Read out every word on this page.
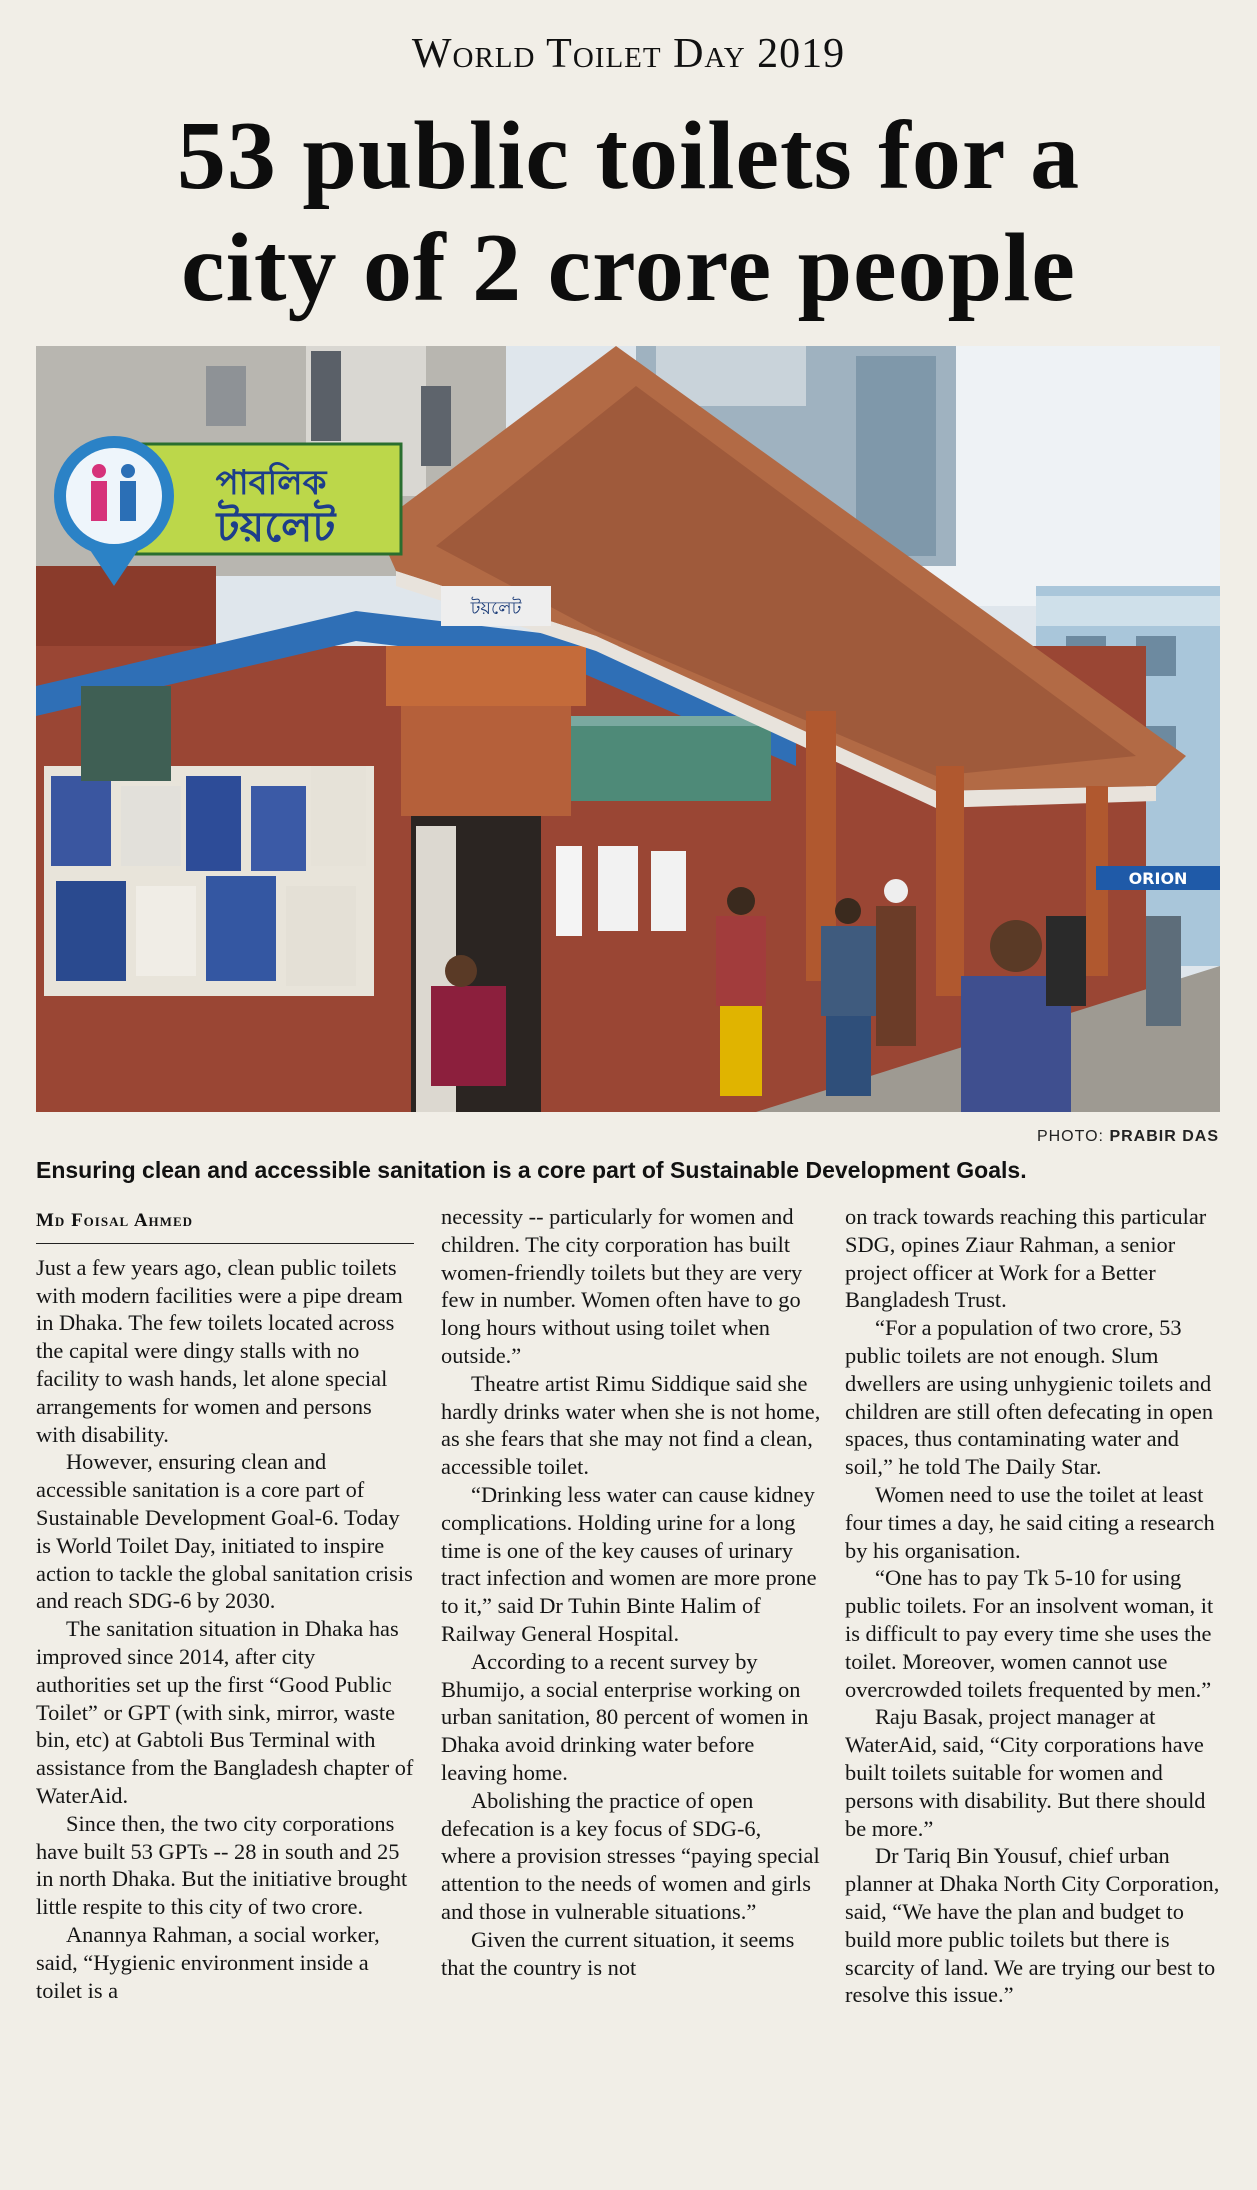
World Toilet Day 2019
53 public toilets for a
city of 2 crore people
টয়লেট
পাবলিক
টয়লেট
ORION
PHOTO: PRABIR DAS
Ensuring clean and accessible sanitation is a core part of Sustainable Development Goals.
Md Foisal Ahmed

Just a few years ago, clean public toilets with modern facilities were a pipe dream in Dhaka. The few toilets located across the capital were dingy stalls with no facility to wash hands, let alone special arrangements for women and persons with disability.

However, ensuring clean and accessible sanitation is a core part of Sustainable Development Goal-6. Today is World Toilet Day, initiated to inspire action to tackle the global sanitation crisis and reach SDG-6 by 2030.

The sanitation situation in Dhaka has improved since 2014, after city authorities set up the first “Good Public Toilet” or GPT (with sink, mirror, waste bin, etc) at Gabtoli Bus Terminal with assistance from the Bangladesh chapter of WaterAid.

Since then, the two city corporations have built 53 GPTs -- 28 in south and 25 in north Dhaka. But the initiative brought little respite to this city of two crore.

Anannya Rahman, a social worker, said, “Hygienic environment inside a toilet is a

necessity -- particularly for women and children. The city corporation has built women-friendly toilets but they are very few in number. Women often have to go long hours without using toilet when outside.”

Theatre artist Rimu Siddique said she hardly drinks water when she is not home, as she fears that she may not find a clean, accessible toilet.

“Drinking less water can cause kidney complications. Holding urine for a long time is one of the key causes of urinary tract infection and women are more prone to it,” said Dr Tuhin Binte Halim of Railway General Hospital.

According to a recent survey by Bhumijo, a social enterprise working on urban sanitation, 80 percent of women in Dhaka avoid drinking water before leaving home.

Abolishing the practice of open defecation is a key focus of SDG-6, where a provision stresses “paying special attention to the needs of women and girls and those in vulnerable situations.”

Given the current situation, it seems that the country is not

on track towards reaching this particular SDG, opines Ziaur Rahman, a senior project officer at Work for a Better Bangladesh Trust.

“For a population of two crore, 53 public toilets are not enough. Slum dwellers are using unhygienic toilets and children are still often defecating in open spaces, thus contaminating water and soil,” he told The Daily Star.

Women need to use the toilet at least four times a day, he said citing a research by his organisation.

“One has to pay Tk 5-10 for using public toilets. For an insolvent woman, it is difficult to pay every time she uses the toilet. Moreover, women cannot use overcrowded toilets frequented by men.”

Raju Basak, project manager at WaterAid, said, “City corporations have built toilets suitable for women and persons with disability. But there should be more.”

Dr Tariq Bin Yousuf, chief urban planner at Dhaka North City Corporation, said, “We have the plan and budget to build more public toilets but there is scarcity of land. We are trying our best to resolve this issue.”
